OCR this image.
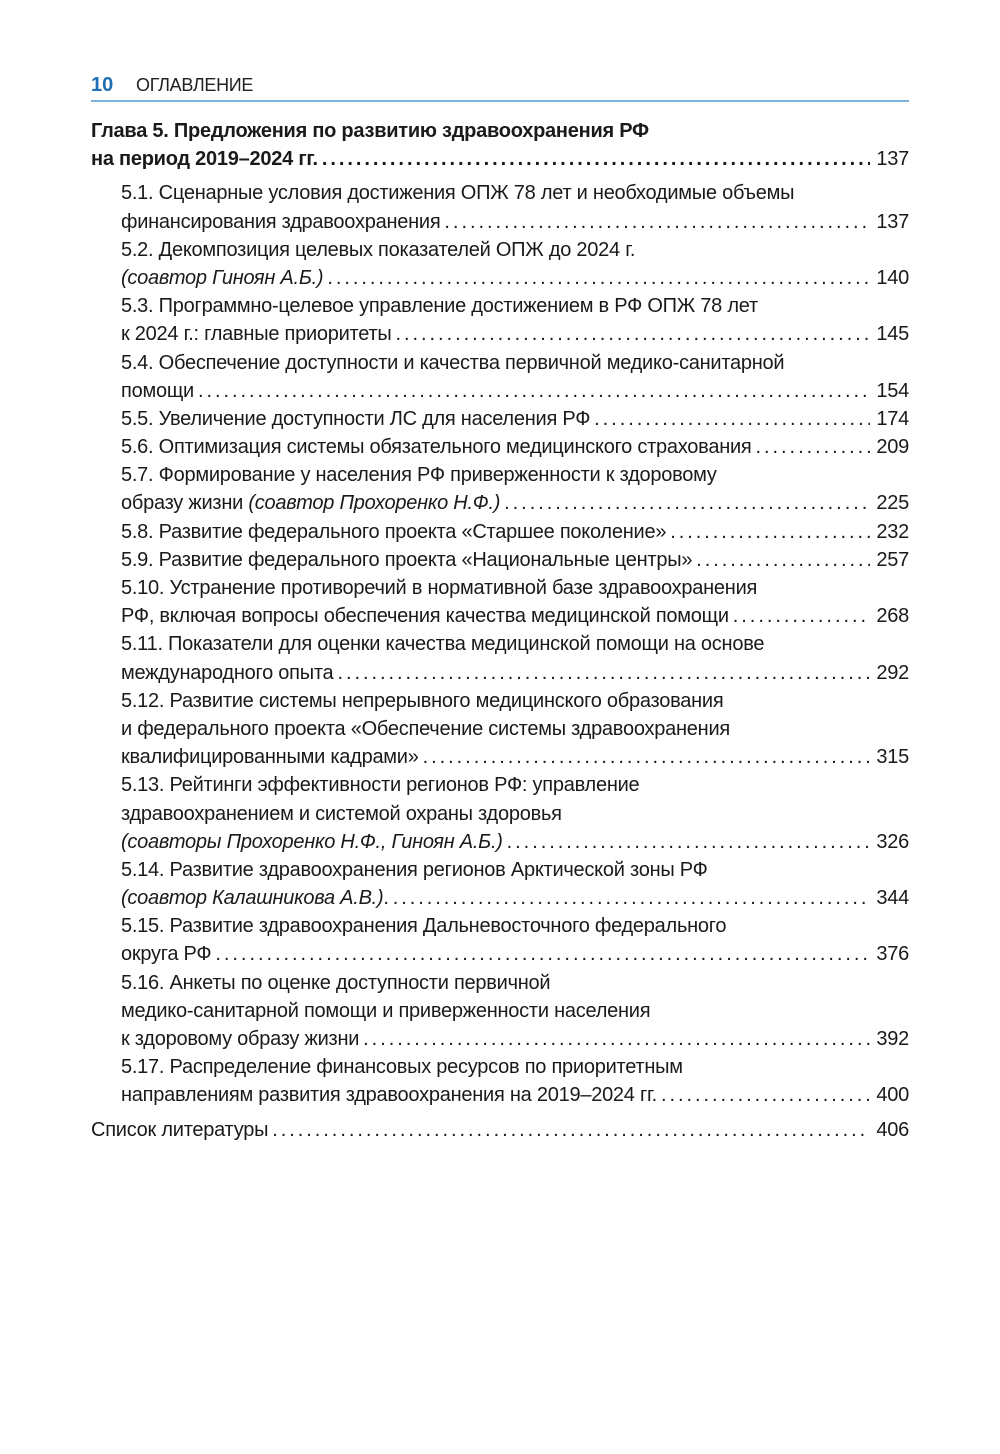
10 ОГЛАВЛЕНИЕ
Глава 5. Предложения по развитию здравоохранения РФ
на период 2019–2024 гг. . . .	137
5.1. Сценарные условия достижения ОПЖ 78 лет и необходимые объемы
финансирования здравоохранения . . .	137
5.2. Декомпозиция целевых показателей ОПЖ до 2024 г.
(соавтор Гиноян А.Б.) . . .	140
5.3. Программно-целевое управление достижением в РФ ОПЖ 78 лет
к 2024 г.: главные приоритеты . . .	145
5.4. Обеспечение доступности и качества первичной медико-санитарной
помощи . . .	154
5.5. Увеличение доступности ЛС для населения РФ . . .	174
5.6. Оптимизация системы обязательного медицинского страхования . . .	209
5.7. Формирование у населения РФ приверженности к здоровому
образу жизни (соавтор Прохоренко Н.Ф.) . . .	225
5.8. Развитие федерального проекта «Старшее поколение» . . .	232
5.9. Развитие федерального проекта «Национальные центры» . . .	257
5.10. Устранение противоречий в нормативной базе здравоохранения
РФ, включая вопросы обеспечения качества медицинской помощи . . .	268
5.11. Показатели для оценки качества медицинской помощи на основе
международного опыта . . .	292
5.12. Развитие системы непрерывного медицинского образования
и федерального проекта «Обеспечение системы здравоохранения
квалифицированными кадрами» . . .	315
5.13. Рейтинги эффективности регионов РФ: управление
здравоохранением и системой охраны здоровья
(соавторы Прохоренко Н.Ф., Гиноян А.Б.) . . .	326
5.14. Развитие здравоохранения регионов Арктической зоны РФ
(соавтор Калашникова А.В.). . . .	344
5.15. Развитие здравоохранения Дальневосточного федерального
округа РФ . . .	376
5.16. Анкеты по оценке доступности первичной
медико-санитарной помощи и приверженности населения
к здоровому образу жизни . . .	392
5.17. Распределение финансовых ресурсов по приоритетным
направлениям развития здравоохранения на 2019–2024 гг. . . .	400
Список литературы . . .	406
